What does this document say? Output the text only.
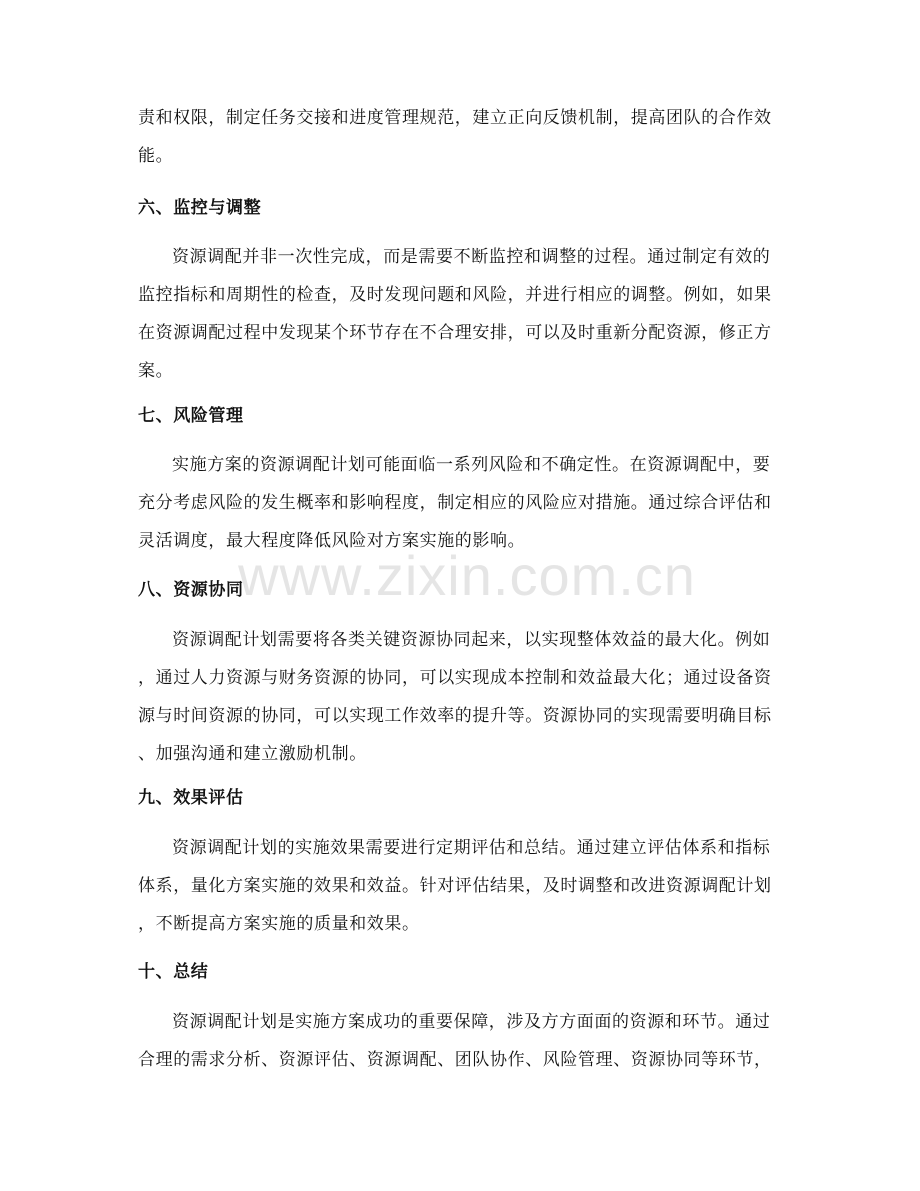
责和权限，制定任务交接和进度管理规范，建立正向反馈机制，提高团队的合作效
能。

六、监控与调整

资源调配并非一次性完成，而是需要不断监控和调整的过程。通过制定有效的
监控指标和周期性的检查，及时发现问题和风险，并进行相应的调整。例如，如果
在资源调配过程中发现某个环节存在不合理安排，可以及时重新分配资源，修正方
案。

七、风险管理

实施方案的资源调配计划可能面临一系列风险和不确定性。在资源调配中，要
充分考虑风险的发生概率和影响程度，制定相应的风险应对措施。通过综合评估和
灵活调度，最大程度降低风险对方案实施的影响。

八、资源协同

资源调配计划需要将各类关键资源协同起来，以实现整体效益的最大化。例如
，通过人力资源与财务资源的协同，可以实现成本控制和效益最大化；通过设备资
源与时间资源的协同，可以实现工作效率的提升等。资源协同的实现需要明确目标
、加强沟通和建立激励机制。

九、效果评估

资源调配计划的实施效果需要进行定期评估和总结。通过建立评估体系和指标
体系，量化方案实施的效果和效益。针对评估结果，及时调整和改进资源调配计划
，不断提高方案实施的质量和效果。

十、总结

资源调配计划是实施方案成功的重要保障，涉及方方面面的资源和环节。通过
合理的需求分析、资源评估、资源调配、团队协作、风险管理、资源协同等环节，

www.zixin.com.cn
